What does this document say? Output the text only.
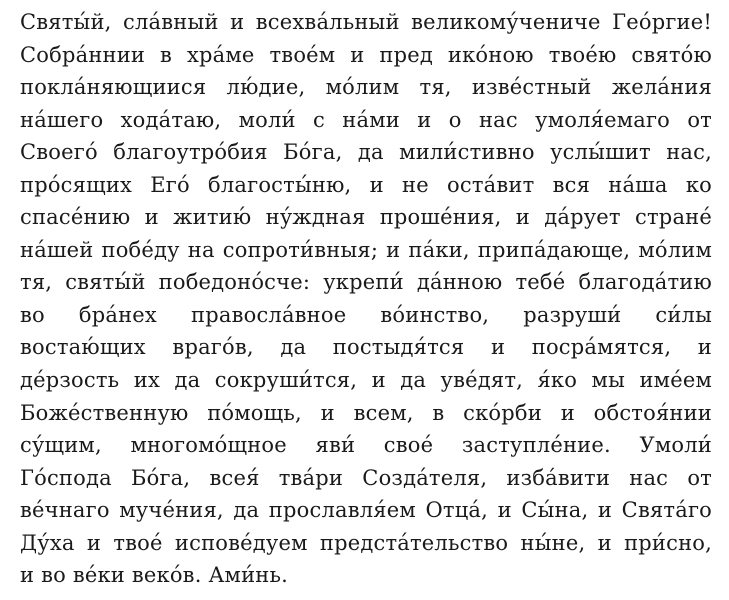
Святы́й, сла́вный и всехва́льный великому́чениче Гео́ргие!
Собра́ннии в хра́ме твое́м и пред ико́ною твое́ю свято́ю
покла́няющиися лю́дие, мо́лим тя, изве́стный жела́ния
на́шего хода́таю, моли́ с на́ми и о нас умоля́емаго от
Своего́ благоутро́бия Бо́га, да мили́стивно услы́шит нас,
про́сящих Его́ благосты́ню, и не оста́вит вся на́ша ко
спасе́нию и житию́ ну́ждная проше́ния, и да́рует стране́
на́шей побе́ду на сопроти́вныя; и па́ки, припа́дающе, мо́лим
тя, святы́й победоно́сче: укрепи́ да́нною тебе́ благода́тию
во бра́нех правосла́вное во́инство, разруши́ си́лы
востаю́щих враго́в, да постыдя́тся и посра́мятся, и
де́рзость их да сокруши́тся, и да уве́дят, я́ко мы име́ем
Боже́ственную по́мощь, и всем, в ско́рби и обстоя́нии
су́щим, многомо́щное яви́ свое́ заступле́ние. Умоли́
Го́спода Бо́га, всея́ тва́ри Созда́теля, избáвити нас от
ве́чнаго муче́ния, да прославля́ем Отца́, и Сы́на, и Свята́го
Ду́ха и твое́ испове́дуем предста́тельство ны́не, и при́сно,
и во ве́ки веко́в. Ами́нь.
